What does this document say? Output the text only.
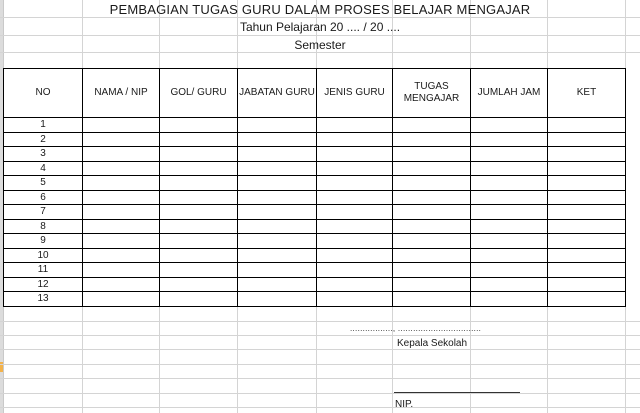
PEMBAGIAN TUGAS GURU DALAM PROSES BELAJAR MENGAJAR
Tahun Pelajaran 20 .... / 20 ....
Semester
NO	NAMA / NIP	GOL/ GURU	JABATAN GURU	JENIS GURU	TUGAS MENGAJAR	JUMLAH JAM	KET
1							
2							
3							
4							
5							
6							
7							
8							
9							
10							
11							
12							
13							
................., .................................
Kepala Sekolah
NIP.
